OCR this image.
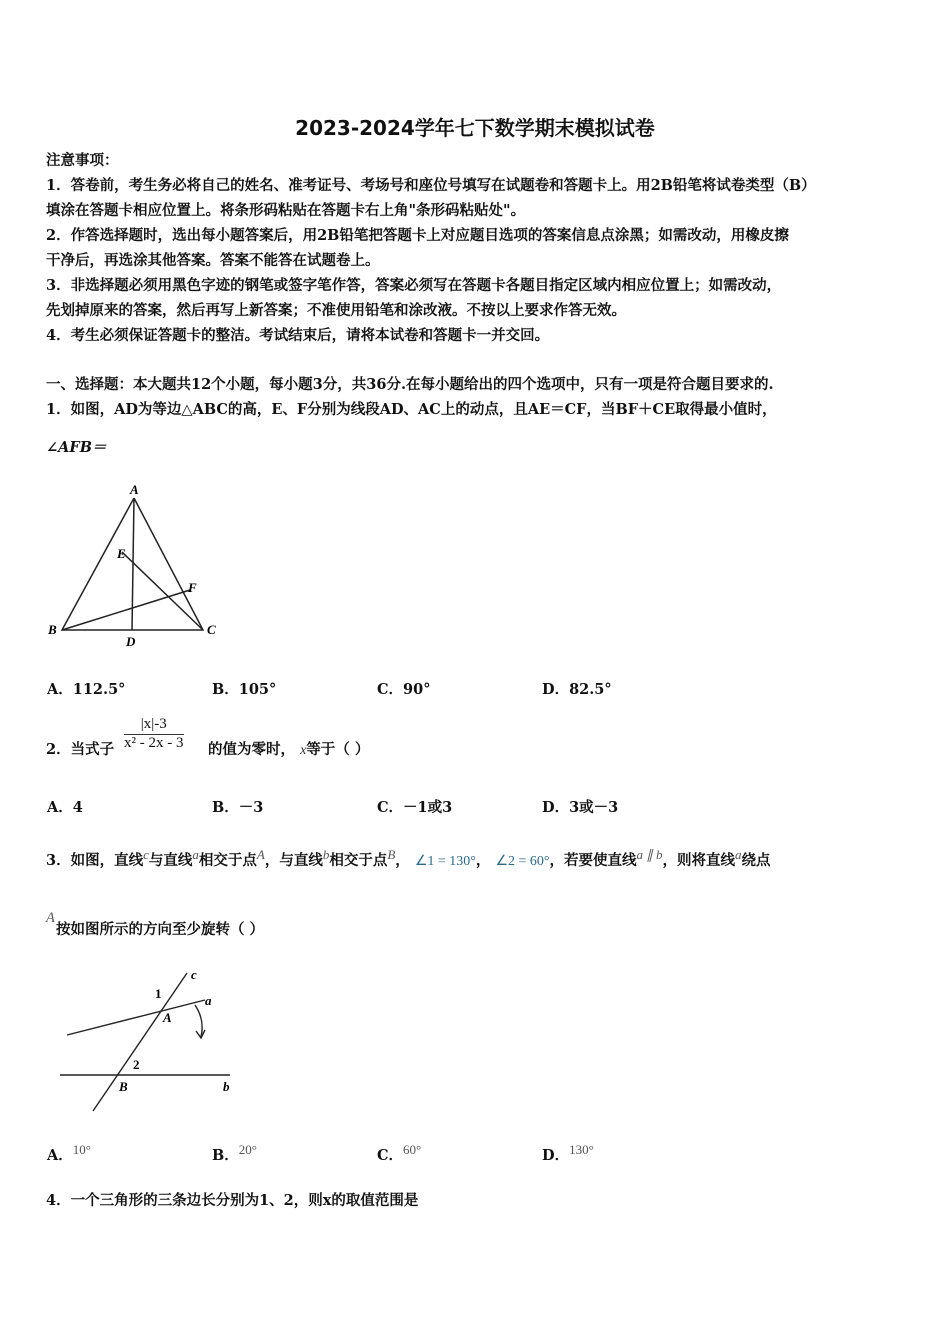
2023-2024学年七下数学期末模拟试卷
注意事项：
1．答卷前，考生务必将自己的姓名、准考证号、考场号和座位号填写在试题卷和答题卡上。用2B铅笔将试卷类型（B）
填涂在答题卡相应位置上。将条形码粘贴在答题卡右上角"条形码粘贴处"。
2．作答选择题时，选出每小题答案后，用2B铅笔把答题卡上对应题目选项的答案信息点涂黑；如需改动，用橡皮擦
干净后，再选涂其他答案。答案不能答在试题卷上。
3．非选择题必须用黑色字迹的钢笔或签字笔作答，答案必须写在答题卡各题目指定区域内相应位置上；如需改动，
先划掉原来的答案，然后再写上新答案；不准使用铅笔和涂改液。不按以上要求作答无效。
4．考生必须保证答题卡的整洁。考试结束后，请将本试卷和答题卡一并交回。
一、选择题：本大题共12个小题，每小题3分，共36分.在每小题给出的四个选项中，只有一项是符合题目要求的.
1．如图，AD为等边△ABC的高，E、F分别为线段AD、AC上的动点，且AE＝CF，当BF＋CE取得最小值时，
∠AFB＝
A
B	C
D
E
F
A．112.5°	B．105°	C．90°	D．82.5°
2．当式子 $\frac{|x|-3}{\text{x² - 2x - 3}}$ 的值为零时， x等于（ ）
A．4	B．－3	C．－1或3	D．3或－3
3．如图，直线c与直线a相交于点A，与直线b相交于点B， ∠1 = 130°， ∠2 = 60°，若要使直线a ∥ b，则将直线a绕点
A
按如图所示的方向至少旋转（ ）
c
a
b
A
B
1
2
A．10°	B．20°	C．60°	D．130°
4．一个三角形的三条边长分别为1、2，则x的取值范围是
